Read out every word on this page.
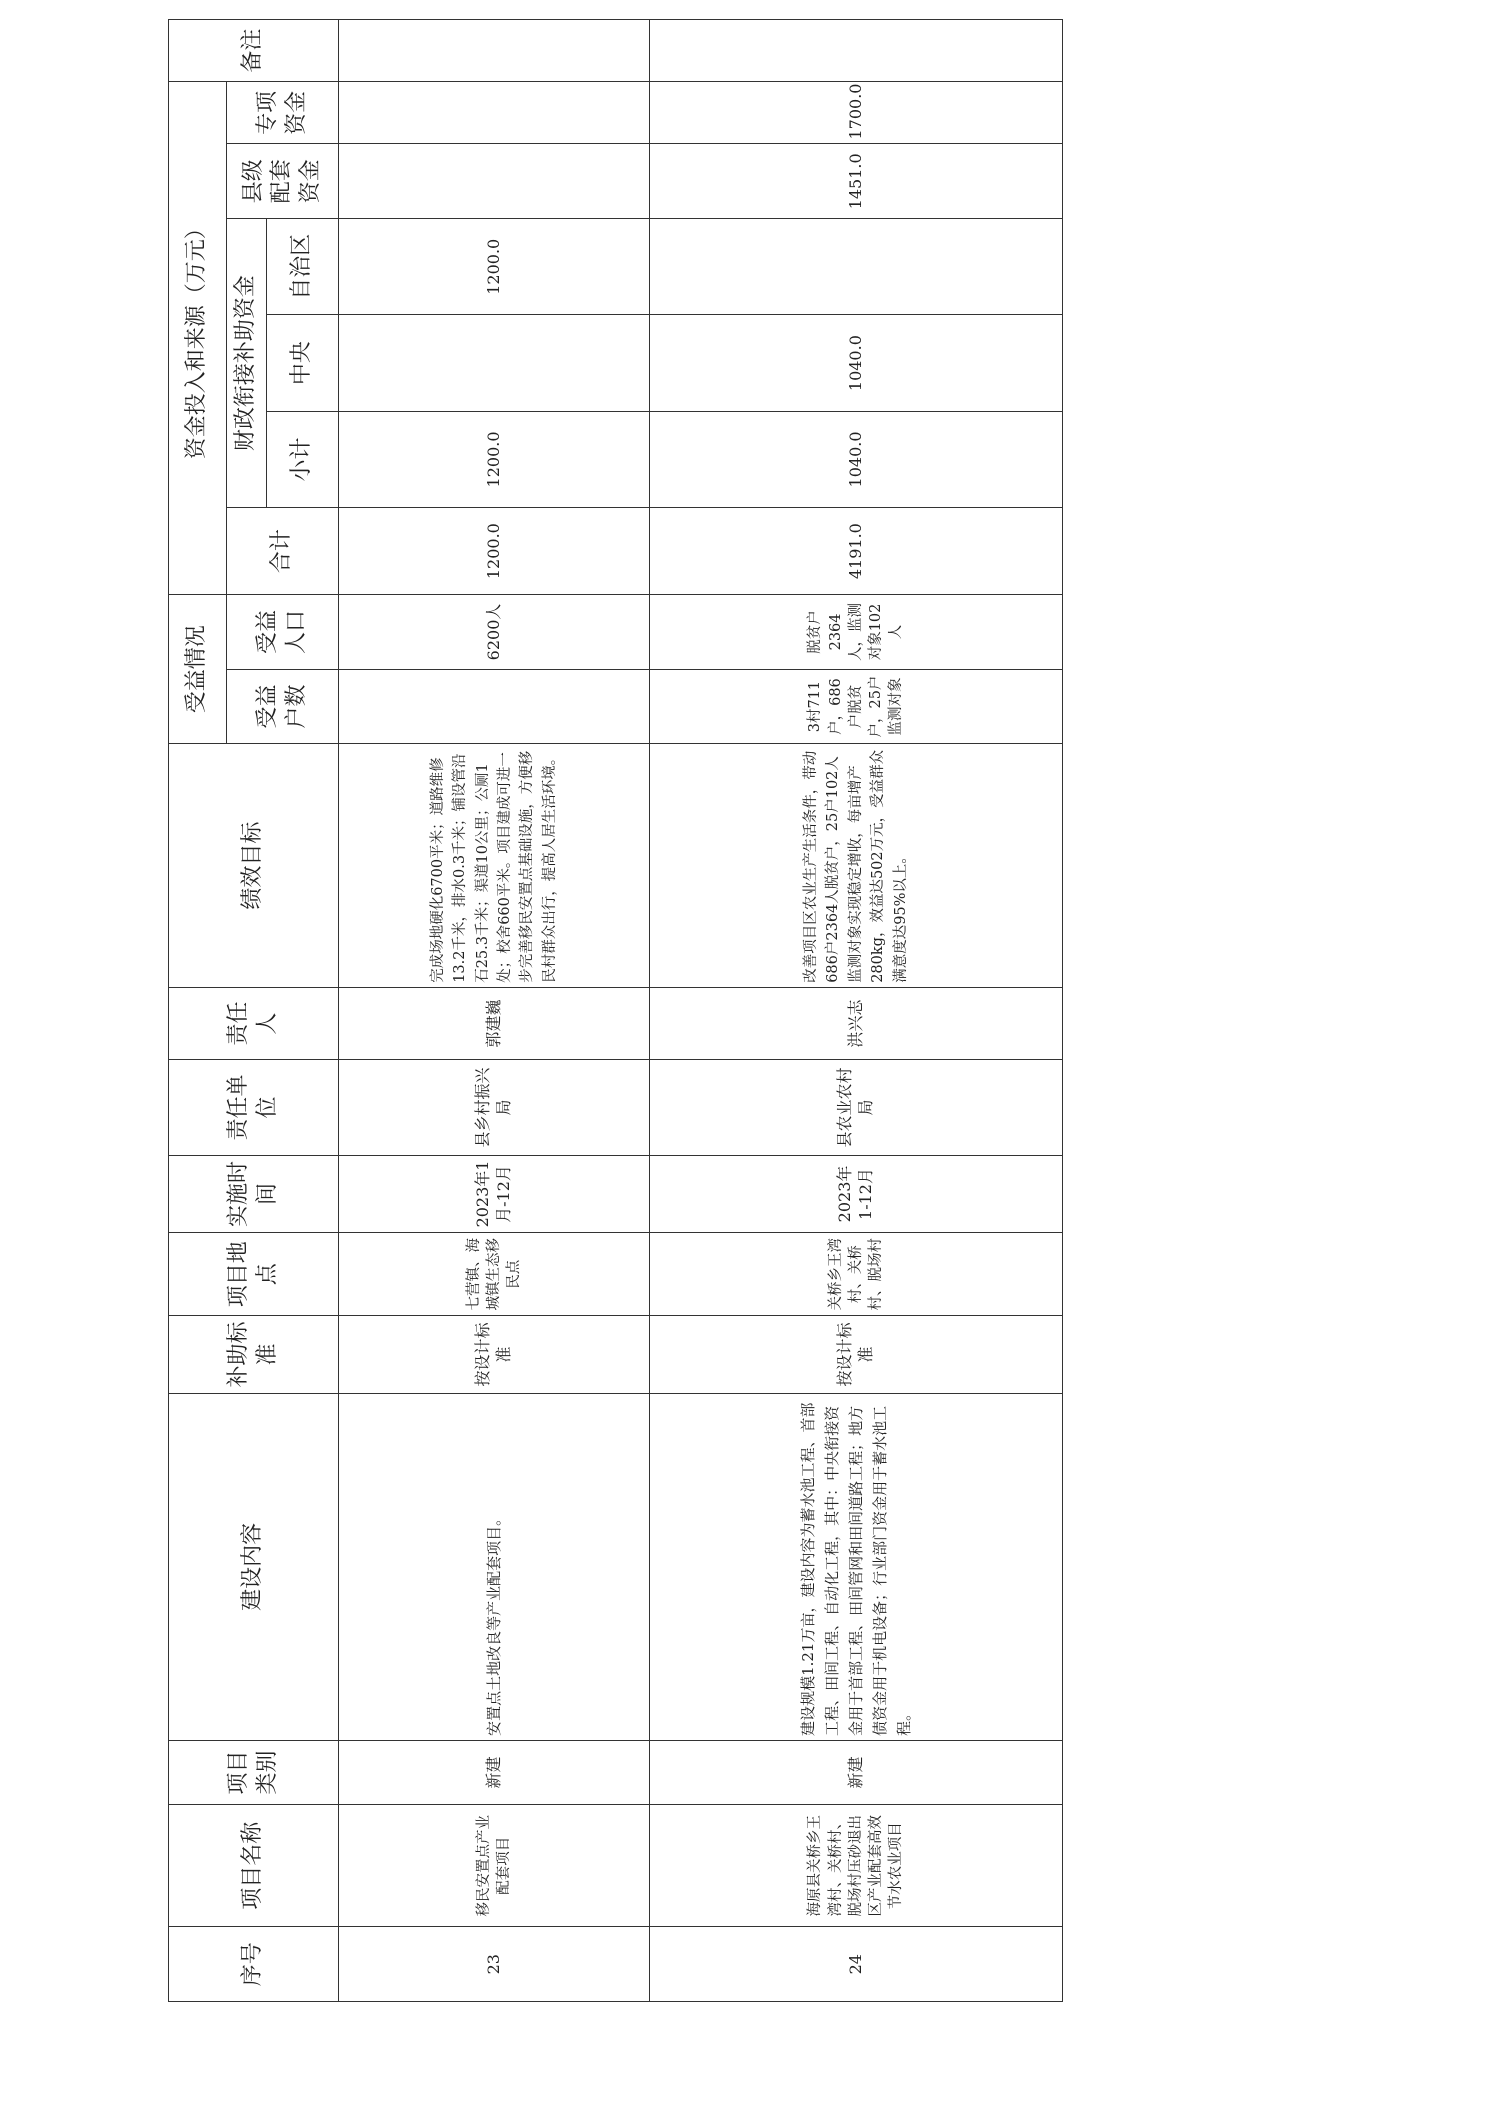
序号	项目名称	项目类别	建设内容	补助标准	项目地点	实施时间	责任单位	责任人	绩效目标	受益情况		资金投入和来源（万元）						备注
										受益户数	受益人口	合计	财政衔接补助资金			县级配套资金	专项资金	
													小计	中央	自治区			
23	移民安置点产业配套项目	新建	安置点土地改良等产业配套项目。	按设计标准	七营镇、海城镇生态移民点	2023年1月-12月	县乡村振兴局	郭建巍	完成场地硬化6700平米；道路维修13.2千米，排水0.3千米；铺设管沿石25.3千米；渠道10公里；公厕1处；校舍660平米。项目建成可进一步完善移民安置点基础设施，方便移民村群众出行，提高人居生活环境。		6200人	1200.0	1200.0		1200.0			
24	海原县关桥乡王湾村、关桥村、脱场村压砂退出区产业配套高效节水农业项目	新建	建设规模1.21万亩，建设内容为蓄水池工程、首部工程、田间工程、自动化工程，其中：中央衔接资金用于首部工程、田间管网和田间道路工程；地方债资金用于机电设备；行业部门资金用于蓄水池工程。	按设计标准	关桥乡王湾村、关桥村、脱场村	2023年1-12月	县农业农村局	洪兴志	改善项目区农业生产生活条件，带动686户2364人脱贫户，25户102人监测对象实现稳定增收，每亩增产280kg，效益达502万元，受益群众满意度达95%以上。	3村711户，686户脱贫户，25户监测对象	脱贫户2364人，监测对象102人	4191.0	1040.0	1040.0		1451.0	1700.0	
